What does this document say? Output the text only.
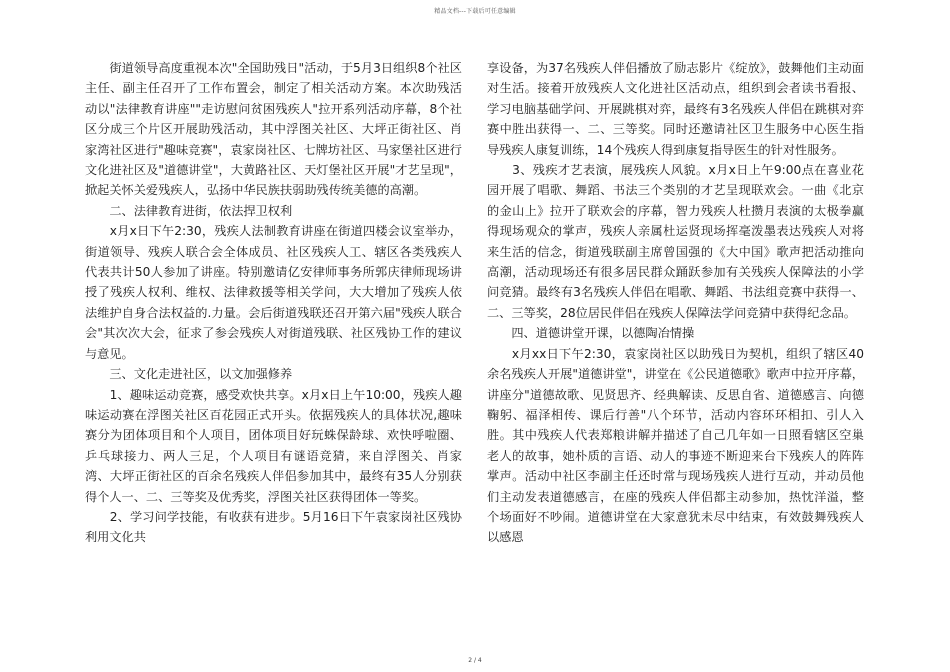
精品文档---下载后可任意编辑

　　街道领导高度重视本次"全国助残日"活动，于5月3日组织8个社区主任、副主任召开了工作布置会，制定了相关活动方案。本次助残活动以"法律教育讲座""走访慰问贫困残疾人"拉开系列活动序幕，8个社区分成三个片区开展助残活动，其中浮图关社区、大坪正街社区、肖家湾社区进行"趣味竞赛"，袁家岗社区、七牌坊社区、马家堡社区进行文化进社区及"道德讲堂"，大黄路社区、天灯堡社区开展"才艺呈现"，掀起关怀关爱残疾人，弘扬中华民族扶弱助残传统美德的高潮。

　　二、法律教育进街，依法捍卫权利

　　x月x日下午2:30，残疾人法制教育讲座在街道四楼会议室举办，街道领导、残疾人联合会全体成员、社区残疾人工、辖区各类残疾人代表共计50人参加了讲座。特别邀请亿安律师事务所郭庆律师现场讲授了残疾人权利、维权、法律救援等相关学问，大大增加了残疾人依法维护自身合法权益的.力量。会后街道残联还召开第六届"残疾人联合会"其次次大会，征求了参会残疾人对街道残联、社区残协工作的建议与意见。

　　三、文化走进社区，以文加强修养

　　1、趣味运动竞赛，感受欢快共享。x月x日上午10:00，残疾人趣味运动赛在浮图关社区百花园正式开头。依据残疾人的具体状况,趣味赛分为团体项目和个人项目，团体项目好玩蛛保龄球、欢快呼啦圈、乒乓球接力、两人三足，个人项目有谜语竞猜，来自浮图关、肖家湾、大坪正街社区的百余名残疾人伴侣参加其中，最终有35人分别获得个人一、二、三等奖及优秀奖，浮图关社区获得团体一等奖。

　　2、学习问学技能，有收获有进步。5月16日下午袁家岗社区残协利用文化共

享设备，为37名残疾人伴侣播放了励志影片《绽放》，鼓舞他们主动面对生活。接着开放残疾人文化进社区活动点，组织到会者读书看报、学习电脑基础学问、开展跳棋对弈，最终有3名残疾人伴侣在跳棋对弈赛中胜出获得一、二、三等奖。同时还邀请社区卫生服务中心医生指导残疾人康复训练，14个残疾人得到康复指导医生的针对性服务。

　　3、残疾才艺表演，展残疾人风貌。x月x日上午9:00点在喜业花园开展了唱歌、舞蹈、书法三个类别的才艺呈现联欢会。一曲《北京的金山上》拉开了联欢会的序幕，智力残疾人杜攒月表演的太极拳赢得现场观众的掌声，残疾人亲属杜运贤现场挥毫泼墨表达残疾人对将来生活的信念，街道残联副主席曾国强的《大中国》歌声把活动推向高潮，活动现场还有很多居民群众踊跃参加有关残疾人保障法的小学问竞猜。最终有3名残疾人伴侣在唱歌、舞蹈、书法组竞赛中获得一、二、三等奖，28位居民伴侣在残疾人保障法学问竞猜中获得纪念品。

　　四、道德讲堂开课，以德陶冶情操

　　x月xx日下午2:30，袁家岗社区以助残日为契机，组织了辖区40余名残疾人开展"道德讲堂"，讲堂在《公民道德歌》歌声中拉开序幕，讲座分"道德故歌、见贤思齐、经典解读、反思自省、道德感言、向德鞠躬、福泽相传、课后行善"八个环节，活动内容环环相扣、引人入胜。其中残疾人代表郑粮讲解并描述了自己几年如一日照看辖区空巢老人的故事，她朴质的言语、动人的事迹不断迎来台下残疾人的阵阵掌声。活动中社区李副主任还时常与现场残疾人进行互动，并动员他们主动发表道德感言，在座的残疾人伴侣都主动参加，热忱洋溢，整个场面好不吵闹。道德讲堂在大家意犹未尽中结束，有效鼓舞残疾人以感恩

2 / 4
